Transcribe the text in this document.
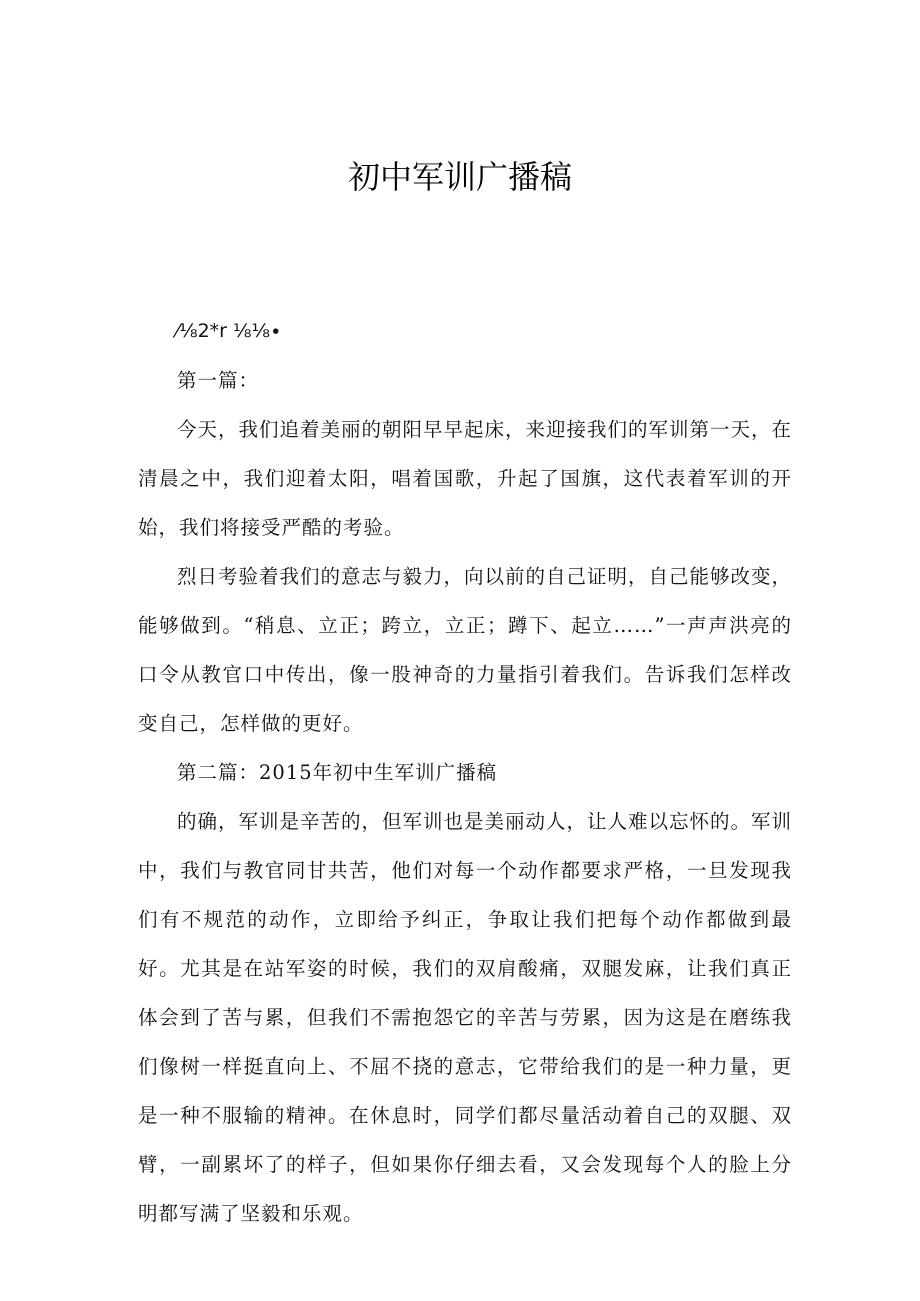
初中军训广播稿

⁄⅛2*r ⅛⅛∙

第一篇：

今天，我们追着美丽的朝阳早早起床，来迎接我们的军训第一天，在清晨之中，我们迎着太阳，唱着国歌，升起了国旗，这代表着军训的开始，我们将接受严酷的考验。

烈日考验着我们的意志与毅力，向以前的自己证明，自己能够改变，能够做到。“稍息、立正；跨立，立正；蹲下、起立……”一声声洪亮的口令从教官口中传出，像一股神奇的力量指引着我们。告诉我们怎样改变自己，怎样做的更好。

第二篇：2015年初中生军训广播稿

的确，军训是辛苦的，但军训也是美丽动人，让人难以忘怀的。军训中，我们与教官同甘共苦，他们对每一个动作都要求严格，一旦发现我们有不规范的动作，立即给予纠正，争取让我们把每个动作都做到最好。尤其是在站军姿的时候，我们的双肩酸痛，双腿发麻，让我们真正体会到了苦与累，但我们不需抱怨它的辛苦与劳累，因为这是在磨练我们像树一样挺直向上、不屈不挠的意志，它带给我们的是一种力量，更是一种不服输的精神。在休息时，同学们都尽量活动着自己的双腿、双臂，一副累坏了的样子，但如果你仔细去看，又会发现每个人的脸上分明都写满了坚毅和乐观。
